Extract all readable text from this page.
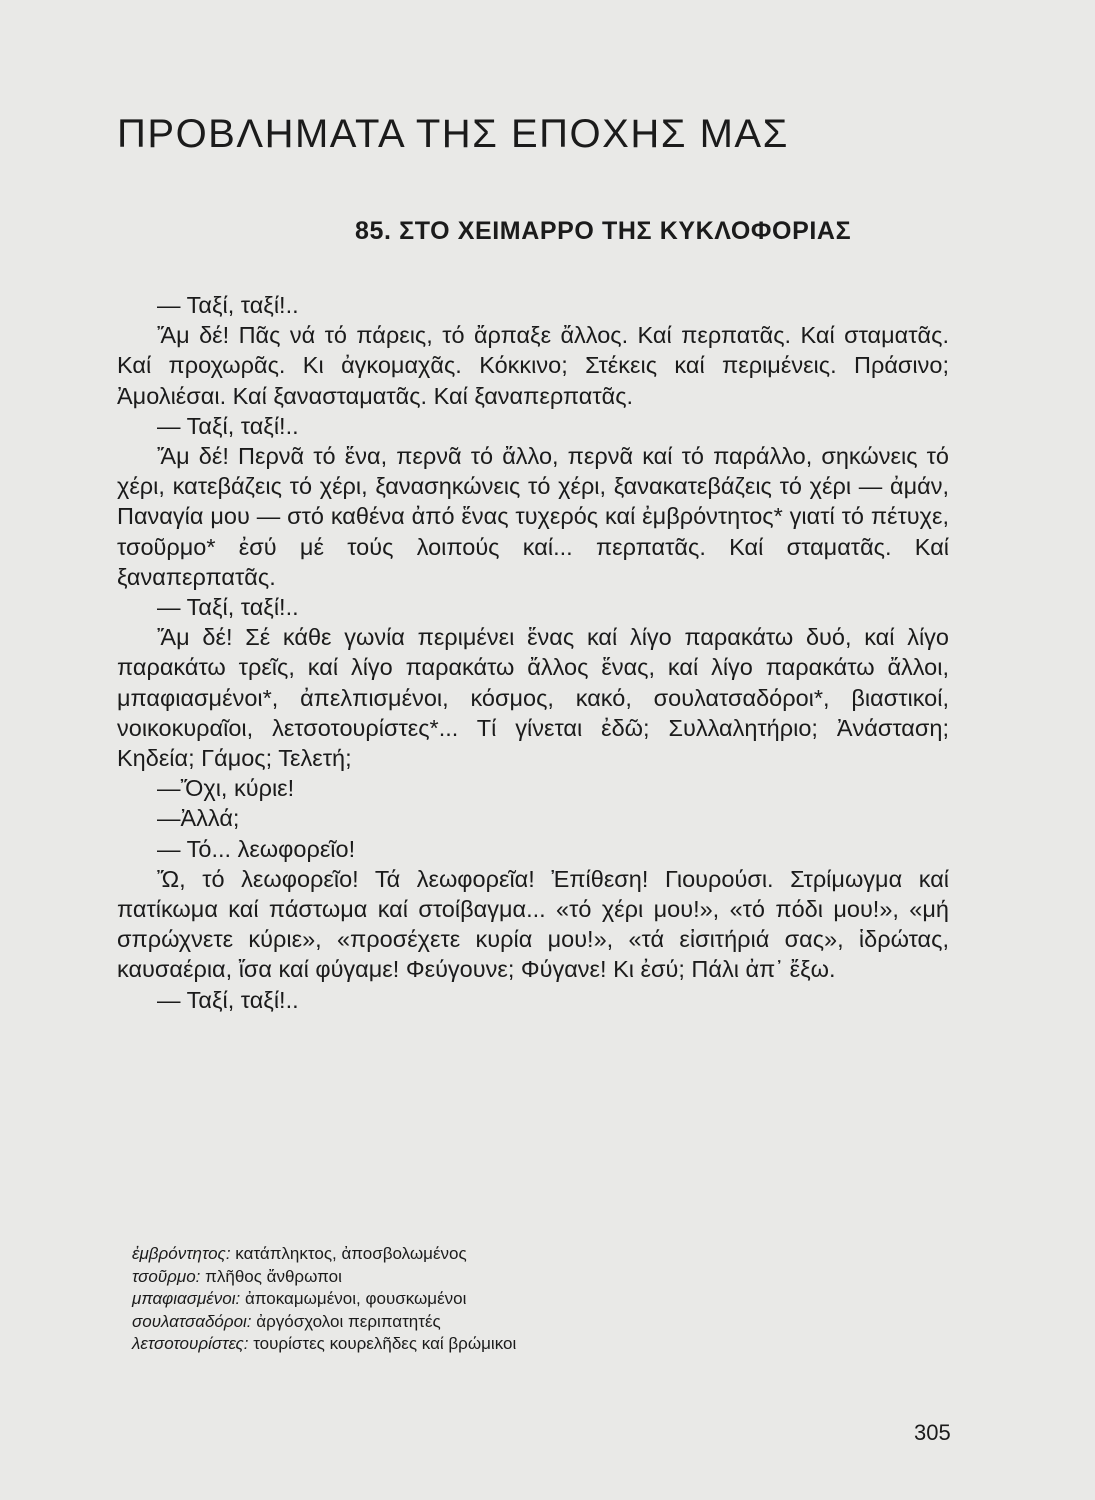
ΠΡΟΒΛΗΜΑΤΑ ΤΗΣ ΕΠΟΧΗΣ ΜΑΣ
85. ΣΤΟ ΧΕΙΜΑΡΡΟ ΤΗΣ ΚΥΚΛΟΦΟΡΙΑΣ

— Ταξί, ταξί!..

Ἄμ δέ! Πᾶς νά τό πάρεις, τό ἄρπαξε ἄλλος. Καί περπατᾶς. Καί σταματᾶς. Καί προχωρᾶς. Κι ἀγκομαχᾶς. Κόκκινο; Στέκεις καί περιμένεις. Πράσινο; Ἀμολιέσαι. Καί ξανασταματᾶς. Καί ξαναπερπατᾶς.

— Ταξί, ταξί!..

Ἄμ δέ! Περνᾶ τό ἕνα, περνᾶ τό ἄλλο, περνᾶ καί τό παράλλο, σηκώνεις τό χέρι, κατεβάζεις τό χέρι, ξανασηκώνεις τό χέρι, ξανακατεβάζεις τό χέρι — ἀμάν, Παναγία μου — στό καθένα ἀπό ἕνας τυχερός καί ἐμβρόντητος* γιατί τό πέτυχε, τσοῦρμο* ἐσύ μέ τούς λοιπούς καί... περπατᾶς. Καί σταματᾶς. Καί ξαναπερπατᾶς.

— Ταξί, ταξί!..

Ἄμ δέ! Σέ κάθε γωνία περιμένει ἕνας καί λίγο παρακάτω δυό, καί λίγο παρακάτω τρεῖς, καί λίγο παρακάτω ἄλλος ἕνας, καί λίγο παρακάτω ἄλλοι, μπαφιασμένοι*, ἀπελπισμένοι, κόσμος, κακό, σουλατσαδόροι*, βιαστικοί, νοικοκυραῖοι, λετσοτουρίστες*... Τί γίνεται ἐδῶ; Συλλαλητήριο; Ἀνάσταση; Κηδεία; Γάμος; Τελετή;

—Ὄχι, κύριε!

—Ἀλλά;

— Τό... λεωφορεῖο!

Ὤ, τό λεωφορεῖο! Τά λεωφορεῖα! Ἐπίθεση! Γιουρούσι. Στρίμωγμα καί πατίκωμα καί πάστωμα καί στοίβαγμα... «τό χέρι μου!», «τό πόδι μου!», «μή σπρώχνετε κύριε», «προσέχετε κυρία μου!», «τά εἰσιτήριά σας», ἱδρώτας, καυσαέρια, ἴσα καί φύγαμε! Φεύγουνε; Φύγανε! Κι ἐσύ; Πάλι ἀπ᾽ ἔξω.

— Ταξί, ταξί!..

ἐμβρόντητος: κατάπληκτος, ἀποσβολωμένος
τσοῦρμο: πλῆθος ἄνθρωποι
μπαφιασμένοι: ἀποκαμωμένοι, φουσκωμένοι
σουλατσαδόροι: ἀργόσχολοι περιπατητές
λετσοτουρίστες: τουρίστες κουρελῆδες καί βρώμικοι

305
